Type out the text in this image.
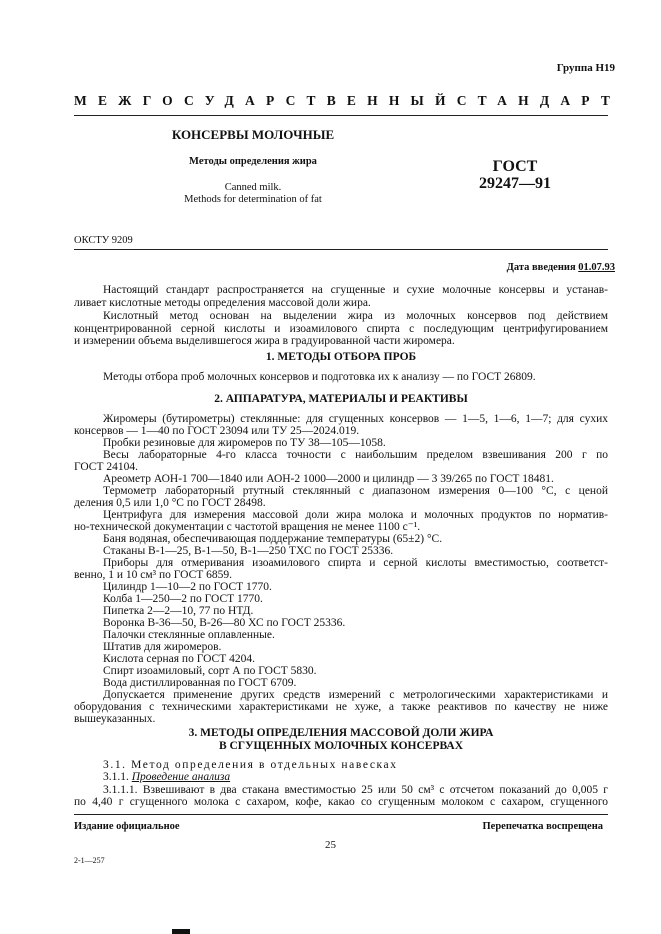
Группа Н19
МЕЖГОСУДАРСТВЕННЫЙ СТАНДАРТ
КОНСЕРВЫ МОЛОЧНЫЕ
Методы определения жира
Canned milk.
Methods for determination of fat
ГОСТ
29247—91
ОКСТУ 9209
Дата введения 01.07.93
Настоящий стандарт распространяется на сгущенные и сухие молочные консервы и устанав-
ливает кислотные методы определения массовой доли жира.
Кислотный метод основан на выделении жира из молочных консервов под действием
концентрированной серной кислоты и изоамилового спирта с последующим центрифугированием
и измерении объема выделившегося жира в градуированной части жиромера.
1. МЕТОДЫ ОТБОРА ПРОБ
Методы отбора проб молочных консервов и подготовка их к анализу — по ГОСТ 26809.
2. АППАРАТУРА, МАТЕРИАЛЫ И РЕАКТИВЫ
Жиромеры (бутирометры) стеклянные: для сгущенных консервов — 1—5, 1—6, 1—7; для сухих
консервов — 1—40 по ГОСТ 23094 или ТУ 25—2024.019.
Пробки резиновые для жиромеров по ТУ 38—105—1058.
Весы лабораторные 4-го класса точности с наибольшим пределом взвешивания 200 г по
ГОСТ 24104.
Ареометр АОН-1 700—1840 или АОН-2 1000—2000 и цилиндр — 3 39/265 по ГОСТ 18481.
Термометр лабораторный ртутный стеклянный с диапазоном измерения 0—100 °С, с ценой
деления 0,5 или 1,0 °С по ГОСТ 28498.
Центрифуга для измерения массовой доли жира молока и молочных продуктов по норматив-
но-технической документации с частотой вращения не менее 1100 с⁻¹.
Баня водяная, обеспечивающая поддержание температуры (65±2) °С.
Стаканы В-1—25, В-1—50, В-1—250 ТХС по ГОСТ 25336.
Приборы для отмеривания изоамилового спирта и серной кислоты вместимостью, соответст-
венно, 1 и 10 см³ по ГОСТ 6859.
Цилиндр 1—10—2 по ГОСТ 1770.
Колба 1—250—2 по ГОСТ 1770.
Пипетка 2—2—10, 77 по НТД.
Воронка В-36—50, В-26—80 ХС по ГОСТ 25336.
Палочки стеклянные оплавленные.
Штатив для жиромеров.
Кислота серная по ГОСТ 4204.
Спирт изоамиловый, сорт А по ГОСТ 5830.
Вода дистиллированная по ГОСТ 6709.
Допускается применение других средств измерений с метрологическими характеристиками и
оборудования с техническими характеристиками не хуже, а также реактивов по качеству не ниже
вышеуказанных.
3. МЕТОДЫ ОПРЕДЕЛЕНИЯ МАССОВОЙ ДОЛИ ЖИРА
В СГУЩЕННЫХ МОЛОЧНЫХ КОНСЕРВАХ
3.1. Метод определения в отдельных навесках
3.1.1. Проведение анализа
3.1.1.1. Взвешивают в два стакана вместимостью 25 или 50 см³ с отсчетом показаний до 0,005 г
по 4,40 г сгущенного молока с сахаром, кофе, какао со сгущенным молоком с сахаром, сгущенного
Издание официальное	Перепечатка воспрещена
25
2-1—257
